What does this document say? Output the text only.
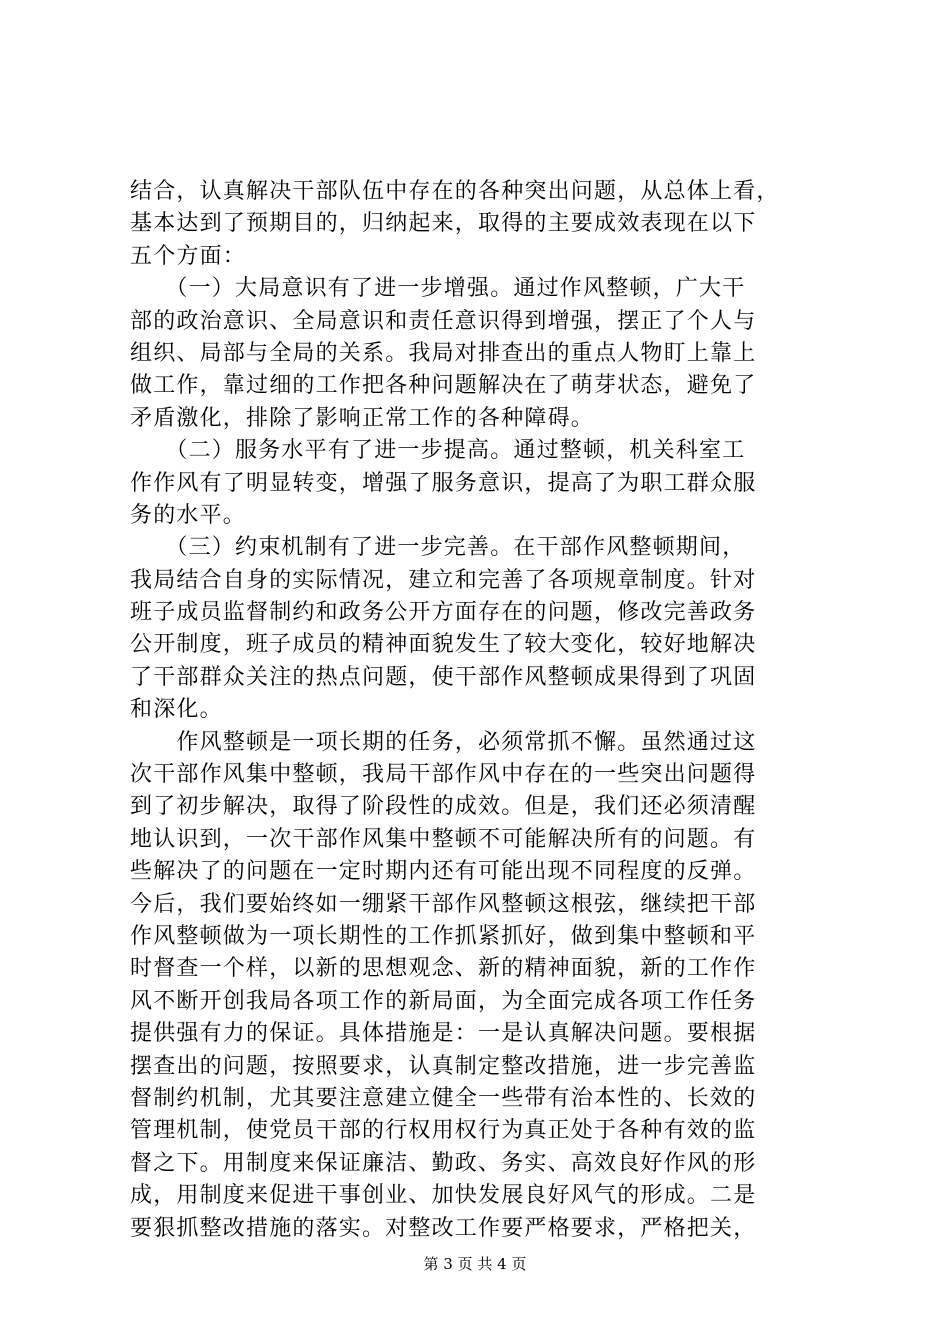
结合，认真解决干部队伍中存在的各种突出问题，从总体上看，
基本达到了预期目的，归纳起来，取得的主要成效表现在以下
五个方面：
　　（一）大局意识有了进一步增强。通过作风整顿，广大干
部的政治意识、全局意识和责任意识得到增强，摆正了个人与
组织、局部与全局的关系。我局对排查出的重点人物盯上靠上
做工作，靠过细的工作把各种问题解决在了萌芽状态，避免了
矛盾激化，排除了影响正常工作的各种障碍。
　　（二）服务水平有了进一步提高。通过整顿，机关科室工
作作风有了明显转变，增强了服务意识，提高了为职工群众服
务的水平。
　　（三）约束机制有了进一步完善。在干部作风整顿期间，
我局结合自身的实际情况，建立和完善了各项规章制度。针对
班子成员监督制约和政务公开方面存在的问题，修改完善政务
公开制度，班子成员的精神面貌发生了较大变化，较好地解决
了干部群众关注的热点问题，使干部作风整顿成果得到了巩固
和深化。
　　作风整顿是一项长期的任务，必须常抓不懈。虽然通过这
次干部作风集中整顿，我局干部作风中存在的一些突出问题得
到了初步解决，取得了阶段性的成效。但是，我们还必须清醒
地认识到，一次干部作风集中整顿不可能解决所有的问题。有
些解决了的问题在一定时期内还有可能出现不同程度的反弹。
今后，我们要始终如一绷紧干部作风整顿这根弦，继续把干部
作风整顿做为一项长期性的工作抓紧抓好，做到集中整顿和平
时督查一个样，以新的思想观念、新的精神面貌，新的工作作
风不断开创我局各项工作的新局面，为全面完成各项工作任务
提供强有力的保证。具体措施是：一是认真解决问题。要根据
摆查出的问题，按照要求，认真制定整改措施，进一步完善监
督制约机制，尤其要注意建立健全一些带有治本性的、长效的
管理机制，使党员干部的行权用权行为真正处于各种有效的监
督之下。用制度来保证廉洁、勤政、务实、高效良好作风的形
成，用制度来促进干事创业、加快发展良好风气的形成。二是
要狠抓整改措施的落实。对整改工作要严格要求，严格把关，
第 3 页 共 4 页
